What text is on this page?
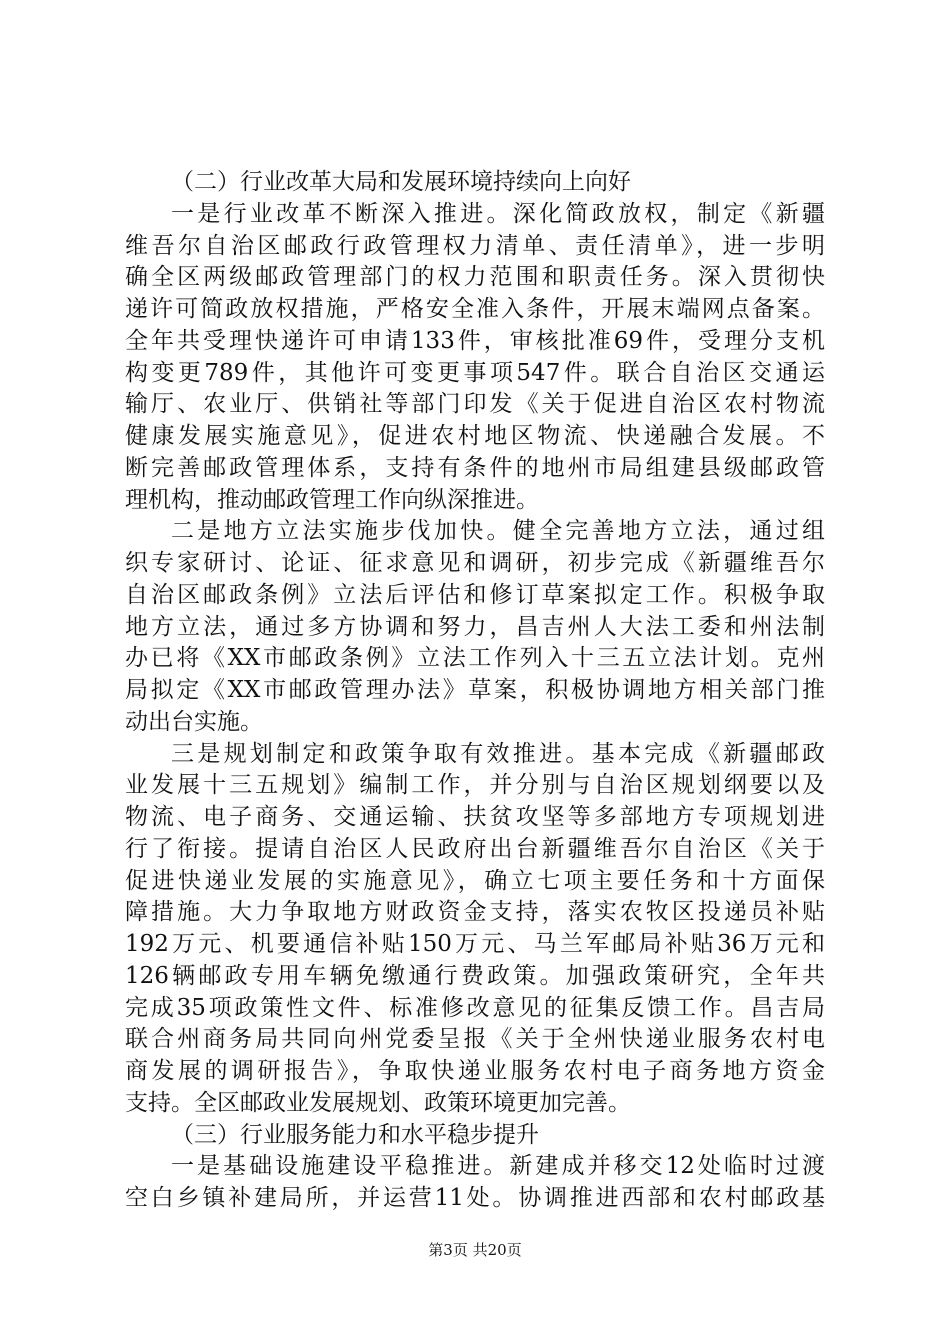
（二）行业改革大局和发展环境持续向上向好
一是行业改革不断深入推进。深化简政放权，制定《新疆
维吾尔自治区邮政行政管理权力清单、责任清单》，进一步明
确全区两级邮政管理部门的权力范围和职责任务。深入贯彻快
递许可简政放权措施，严格安全准入条件，开展末端网点备案。
全年共受理快递许可申请133件，审核批准69件，受理分支机
构变更789件，其他许可变更事项547件。联合自治区交通运
输厅、农业厅、供销社等部门印发《关于促进自治区农村物流
健康发展实施意见》，促进农村地区物流、快递融合发展。不
断完善邮政管理体系，支持有条件的地州市局组建县级邮政管
理机构，推动邮政管理工作向纵深推进。
二是地方立法实施步伐加快。健全完善地方立法，通过组
织专家研讨、论证、征求意见和调研，初步完成《新疆维吾尔
自治区邮政条例》立法后评估和修订草案拟定工作。积极争取
地方立法，通过多方协调和努力，昌吉州人大法工委和州法制
办已将《XX市邮政条例》立法工作列入十三五立法计划。克州
局拟定《XX市邮政管理办法》草案，积极协调地方相关部门推
动出台实施。
三是规划制定和政策争取有效推进。基本完成《新疆邮政
业发展十三五规划》编制工作，并分别与自治区规划纲要以及
物流、电子商务、交通运输、扶贫攻坚等多部地方专项规划进
行了衔接。提请自治区人民政府出台新疆维吾尔自治区《关于
促进快递业发展的实施意见》，确立七项主要任务和十方面保
障措施。大力争取地方财政资金支持，落实农牧区投递员补贴
192万元、机要通信补贴150万元、马兰军邮局补贴36万元和
126辆邮政专用车辆免缴通行费政策。加强政策研究，全年共
完成35项政策性文件、标准修改意见的征集反馈工作。昌吉局
联合州商务局共同向州党委呈报《关于全州快递业服务农村电
商发展的调研报告》，争取快递业服务农村电子商务地方资金
支持。全区邮政业发展规划、政策环境更加完善。
（三）行业服务能力和水平稳步提升
一是基础设施建设平稳推进。新建成并移交12处临时过渡
空白乡镇补建局所，并运营11处。协调推进西部和农村邮政基
第3页 共20页
